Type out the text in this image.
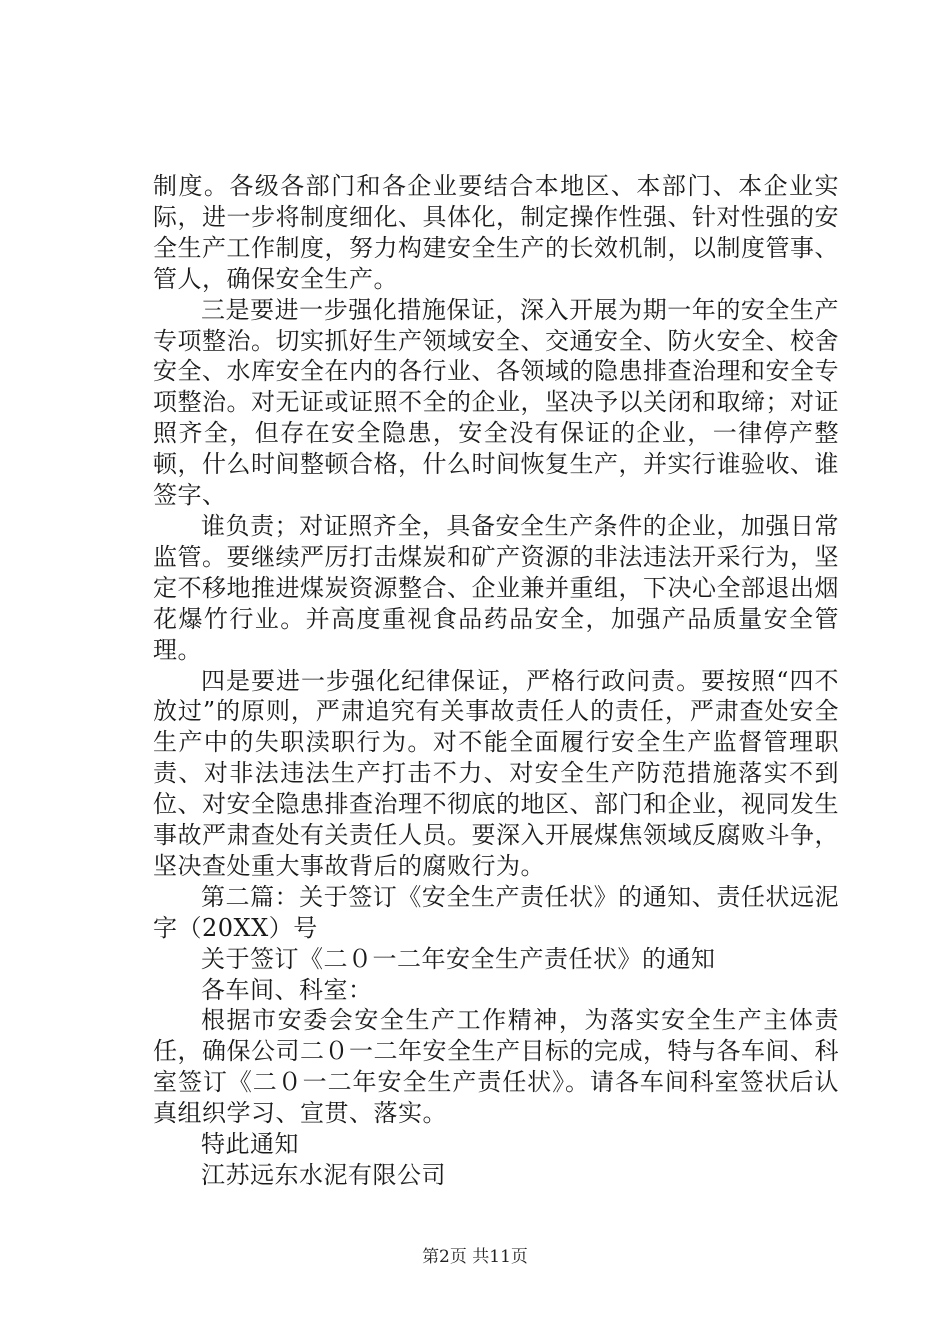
制度。各级各部门和各企业要结合本地区、本部门、本企业实际，进一步将制度细化、具体化，制定操作性强、针对性强的安全生产工作制度，努力构建安全生产的长效机制，以制度管事、管人，确保安全生产。

三是要进一步强化措施保证，深入开展为期一年的安全生产专项整治。切实抓好生产领域安全、交通安全、防火安全、校舍安全、水库安全在内的各行业、各领域的隐患排查治理和安全专项整治。对无证或证照不全的企业，坚决予以关闭和取缔；对证照齐全，但存在安全隐患，安全没有保证的企业，一律停产整顿，什么时间整顿合格，什么时间恢复生产，并实行谁验收、谁签字、

谁负责；对证照齐全，具备安全生产条件的企业，加强日常监管。要继续严厉打击煤炭和矿产资源的非法违法开采行为，坚定不移地推进煤炭资源整合、企业兼并重组，下决心全部退出烟花爆竹行业。并高度重视食品药品安全，加强产品质量安全管理。

四是要进一步强化纪律保证，严格行政问责。要按照“四不放过”的原则，严肃追究有关事故责任人的责任，严肃查处安全生产中的失职渎职行为。对不能全面履行安全生产监督管理职责、对非法违法生产打击不力、对安全生产防范措施落实不到位、对安全隐患排查治理不彻底的地区、部门和企业，视同发生事故严肃查处有关责任人员。要深入开展煤焦领域反腐败斗争，坚决查处重大事故背后的腐败行为。

第二篇：关于签订《安全生产责任状》的通知、责任状远泥字（20XX）号

关于签订《二０一二年安全生产责任状》的通知

各车间、科室：

根据市安委会安全生产工作精神，为落实安全生产主体责任，确保公司二０一二年安全生产目标的完成，特与各车间、科室签订《二０一二年安全生产责任状》。请各车间科室签状后认真组织学习、宣贯、落实。

特此通知

江苏远东水泥有限公司

第2页 共11页
